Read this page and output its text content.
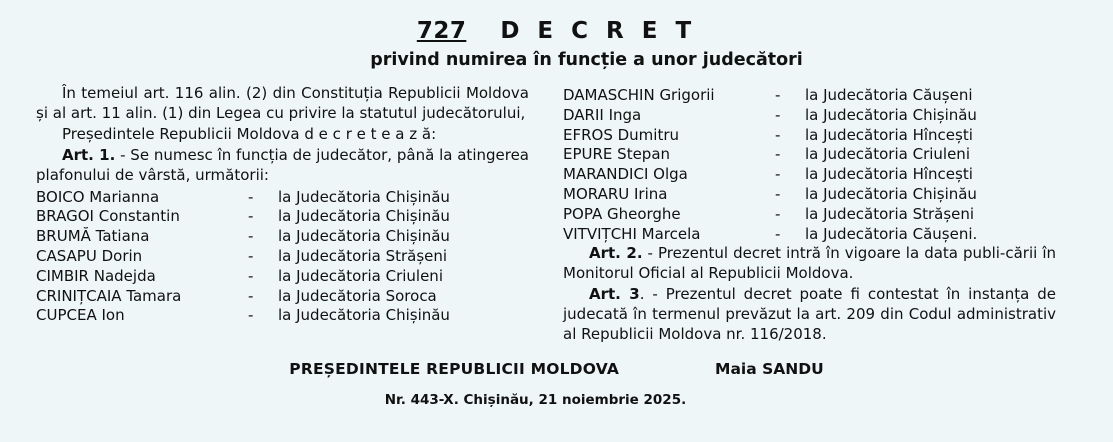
727 D E C R E T
privind numirea în funcție a unor judecători

În temeiul art. 116 alin. (2) din Constituția Republicii Moldova și al art. 11 alin. (1) din Legea cu privire la statutul judecătorului,

Președintele Republicii Moldova d e c r e t e a z ă:

Art. 1. - Se numesc în funcția de judecător, până la atingerea plafonului de vârstă, următorii:

BOICO Marianna	-	la Judecătoria Chișinău
BRAGOI Constantin	-	la Judecătoria Chișinău
BRUMĂ Tatiana	-	la Judecătoria Chișinău
CASAPU Dorin	-	la Judecătoria Strășeni
CIMBIR Nadejda	-	la Judecătoria Criuleni
CRINIȚCAIA Tamara	-	la Judecătoria Soroca
CUPCEA Ion	-	la Judecătoria Chișinău
DAMASCHIN Grigorii	-	la Judecătoria Căușeni
DARII Inga	-	la Judecătoria Chișinău
EFROS Dumitru	-	la Judecătoria Hîncești
EPURE Stepan	-	la Judecătoria Criuleni
MARANDICI Olga	-	la Judecătoria Hîncești
MORARU Irina	-	la Judecătoria Chișinău
POPA Gheorghe	-	la Judecătoria Strășeni
VITVIȚCHI Marcela	-	la Judecătoria Căușeni.

Art. 2. - Prezentul decret intră în vigoare la data publi-cării în Monitorul Oficial al Republicii Moldova.

Art. 3. - Prezentul decret poate fi contestat în instanța de judecată în termenul prevăzut la art. 209 din Codul administrativ al Republicii Moldova nr. 116/2018.

PREȘEDINTELE REPUBLICII MOLDOVA	Maia SANDU
Nr. 443-X. Chișinău, 21 noiembrie 2025.
